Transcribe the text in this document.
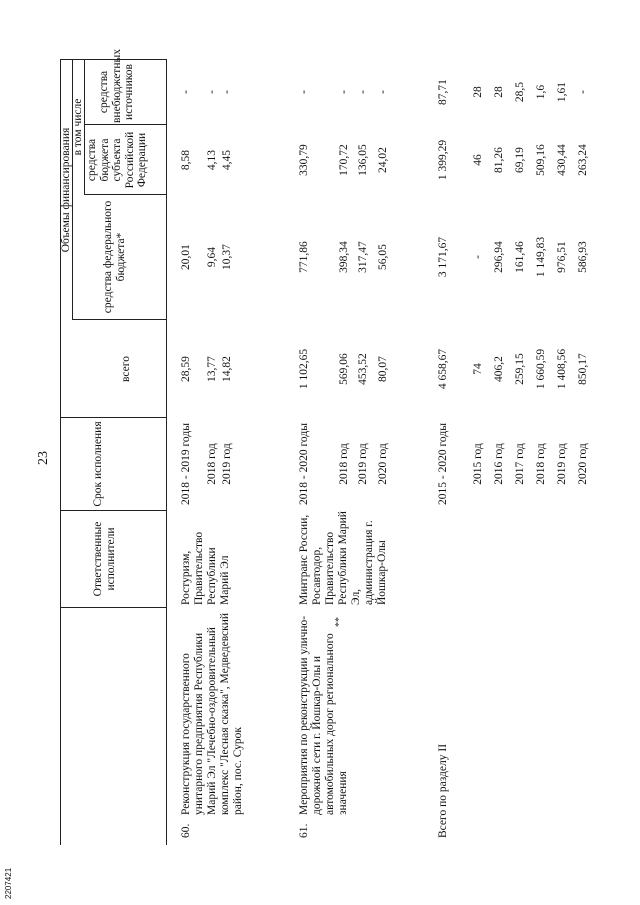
2207421
23
Ответственные исполнители
Срок исполнения
всего
Объемы финансирования
в том числе
средства федерального бюджета*
средства бюджета субъекта Российской Федерации
средства внебюджетных источников
60.
Реконструкция государственного унитарного предприятия Республики Марий Эл "Лечебно-оздоровительный комплекс "Лесная сказка", Медведевский район, пос. Сурок
Ростуризм, Правительство Республики Марий Эл
2018 - 2019 годы
28,59
20,01
8,58
-
2018 год
13,77
9,64
4,13
-
2019 год
14,82
10,37
4,45
-
61.
Мероприятия по реконструкции улично-дорожной сети г. Йошкар-Олы и автомобильных дорог регионального значения
**
Минтранс России, Росавтодор, Правительство Республики Марий Эл, администрация г. Йошкар-Олы
2018 - 2020 годы
1 102,65
771,86
330,79
-
2018 год
569,06
398,34
170,72
-
2019 год
453,52
317,47
136,05
-
2020 год
80,07
56,05
24,02
-
Всего по разделу II
2015 - 2020 годы
4 658,67
3 171,67
1 399,29
87,71
2015 год
74
-
46
28
2016 год
406,2
296,94
81,26
28
2017 год
259,15
161,46
69,19
28,5
2018 год
1 660,59
1 149,83
509,16
1,6
2019 год
1 408,56
976,51
430,44
1,61
2020 год
850,17
586,93
263,24
-
